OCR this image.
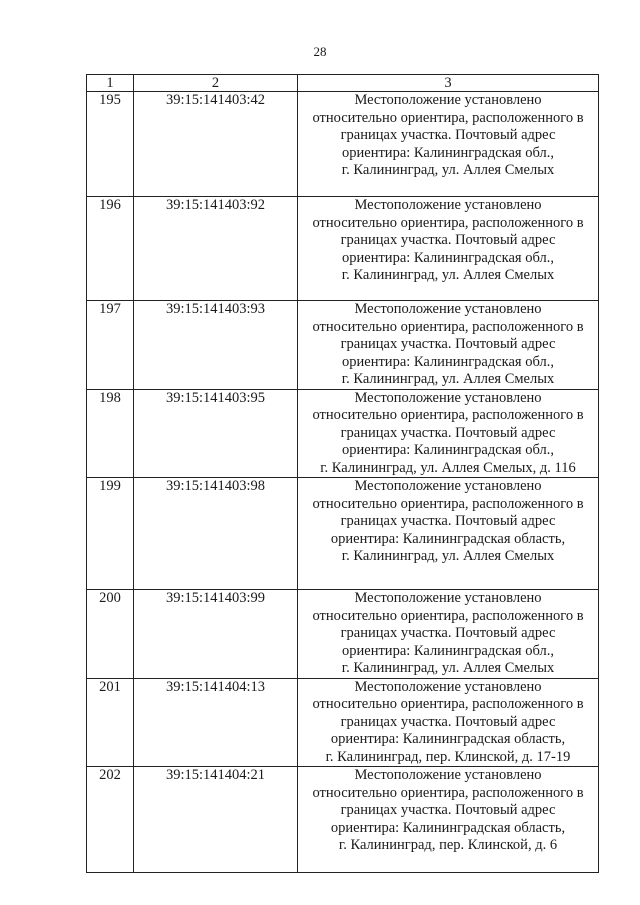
28
1	2	3
195	39:15:141403:42	Местоположение установлено
относительно ориентира, расположенного в
границах участка. Почтовый адрес
ориентира: Калининградская обл.,
г. Калининград, ул. Аллея Смелых

196	39:15:141403:92	Местоположение установлено
относительно ориентира, расположенного в
границах участка. Почтовый адрес
ориентира: Калининградская обл.,
г. Калининград, ул. Аллея Смелых

197	39:15:141403:93	Местоположение установлено
относительно ориентира, расположенного в
границах участка. Почтовый адрес
ориентира: Калининградская обл.,
г. Калининград, ул. Аллея Смелых

198	39:15:141403:95	Местоположение установлено
относительно ориентира, расположенного в
границах участка. Почтовый адрес
ориентира: Калининградская обл.,
г. Калининград, ул. Аллея Смелых, д. 116

199	39:15:141403:98	Местоположение установлено
относительно ориентира, расположенного в
границах участка. Почтовый адрес
ориентира: Калининградская область,
г. Калининград, ул. Аллея Смелых

200	39:15:141403:99	Местоположение установлено
относительно ориентира, расположенного в
границах участка. Почтовый адрес
ориентира: Калининградская обл.,
г. Калининград, ул. Аллея Смелых

201	39:15:141404:13	Местоположение установлено
относительно ориентира, расположенного в
границах участка. Почтовый адрес
ориентира: Калининградская область,
г. Калининград, пер. Клинской, д. 17-19

202	39:15:141404:21	Местоположение установлено
относительно ориентира, расположенного в
границах участка. Почтовый адрес
ориентира: Калининградская область,
г. Калининград, пер. Клинской, д. 6
